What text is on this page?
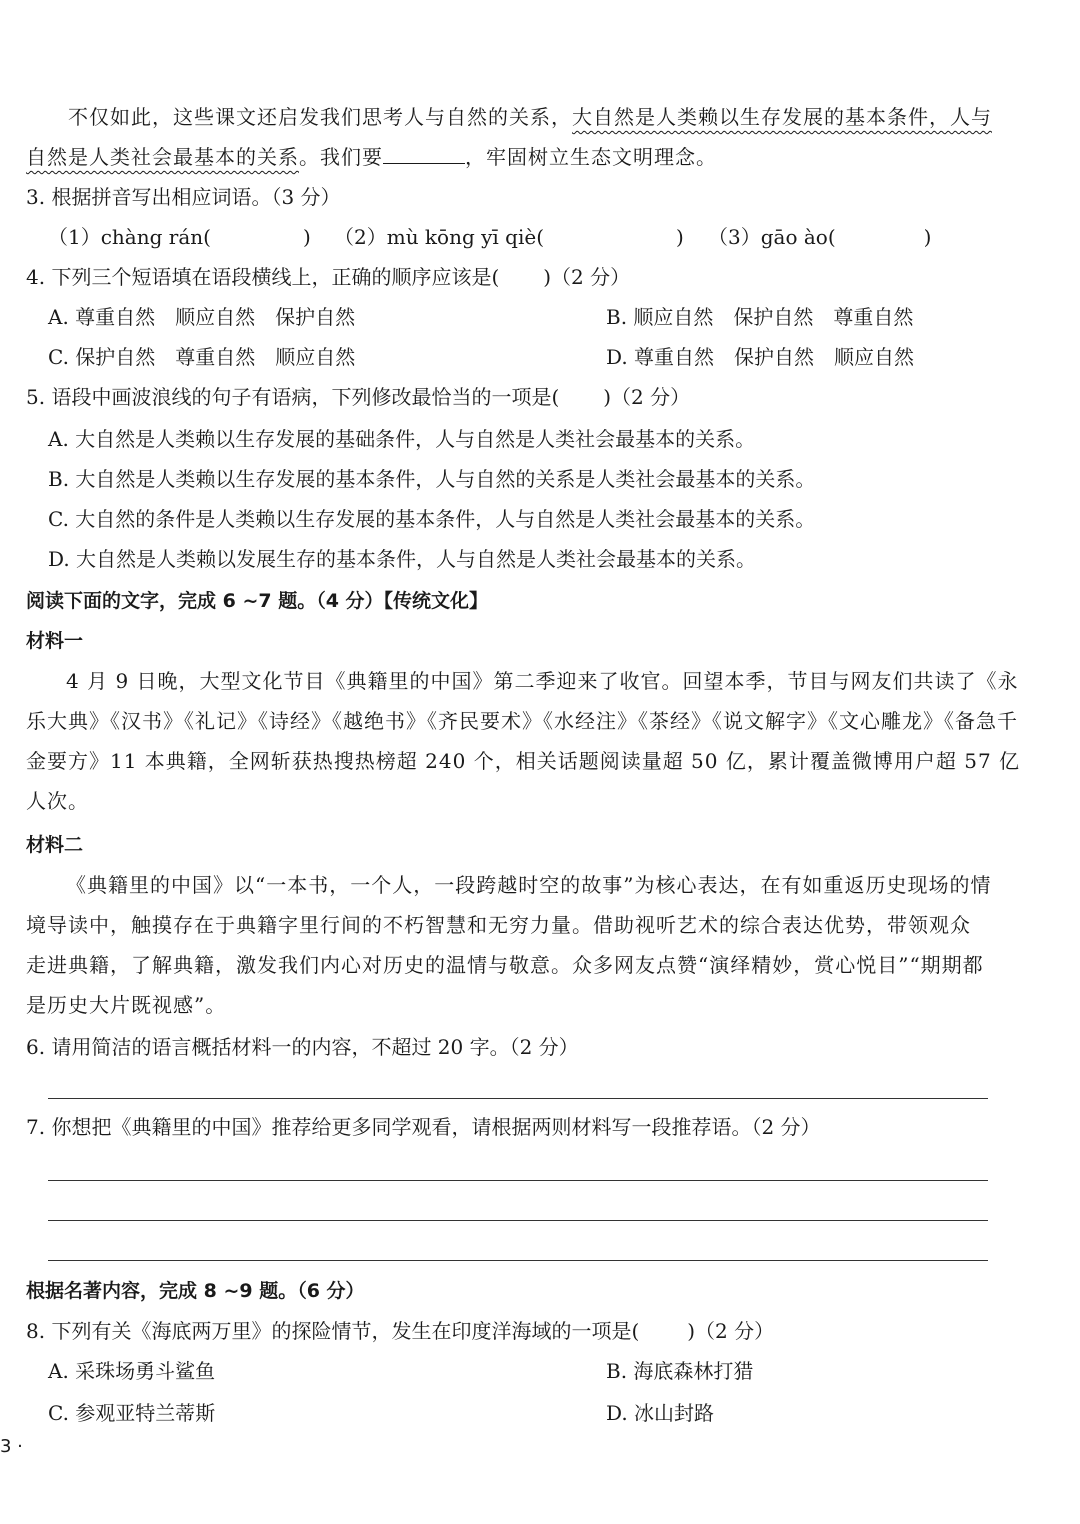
不仅如此，这些课文还启发我们思考人与自然的关系，大自然是人类赖以生存发展的基本条件，人与
自然是人类社会最基本的关系。我们要	，牢固树立生态文明理念。
3. 根据拼音写出相应词语。（3 分）
（1）chàng rán(	) （2）mù kōng yī qiè(	) （3）gāo ào(	)
4. 下列三个短语填在语段横线上，正确的顺序应该是( )（2 分）
A. 尊重自然　顺应自然　保护自然	B. 顺应自然　保护自然　尊重自然
C. 保护自然　尊重自然　顺应自然	D. 尊重自然　保护自然　顺应自然
5. 语段中画波浪线的句子有语病，下列修改最恰当的一项是( )（2 分）
A. 大自然是人类赖以生存发展的基础条件，人与自然是人类社会最基本的关系。
B. 大自然是人类赖以生存发展的基本条件，人与自然的关系是人类社会最基本的关系。
C. 大自然的条件是人类赖以生存发展的基本条件，人与自然是人类社会最基本的关系。
D. 大自然是人类赖以发展生存的基本条件，人与自然是人类社会最基本的关系。
阅读下面的文字，完成 6 ~7 题。（4 分）【传统文化】
材料一
4 月 9 日晚，大型文化节目《典籍里的中国》第二季迎来了收官。回望本季，节目与网友们共读了《永
乐大典》《汉书》《礼记》《诗经》《越绝书》《齐民要术》《水经注》《茶经》《说文解字》《文心雕龙》《备急千
金要方》11 本典籍，全网斩获热搜热榜超 240 个，相关话题阅读量超 50 亿，累计覆盖微博用户超 57 亿
人次。
材料二
《典籍里的中国》以“一本书，一个人，一段跨越时空的故事”为核心表达，在有如重返历史现场的情
境导读中，触摸存在于典籍字里行间的不朽智慧和无穷力量。借助视听艺术的综合表达优势，带领观众
走进典籍，了解典籍，激发我们内心对历史的温情与敬意。众多网友点赞“演绎精妙，赏心悦目”“期期都
是历史大片既视感”。
6. 请用简洁的语言概括材料一的内容，不超过 20 字。（2 分）
7. 你想把《典籍里的中国》推荐给更多同学观看，请根据两则材料写一段推荐语。（2 分）
根据名著内容，完成 8 ~9 题。（6 分）
8. 下列有关《海底两万里》的探险情节，发生在印度洋海域的一项是( )（2 分）
A. 采珠场勇斗鲨鱼	B. 海底森林打猎
C. 参观亚特兰蒂斯	D. 冰山封路
3 ·
